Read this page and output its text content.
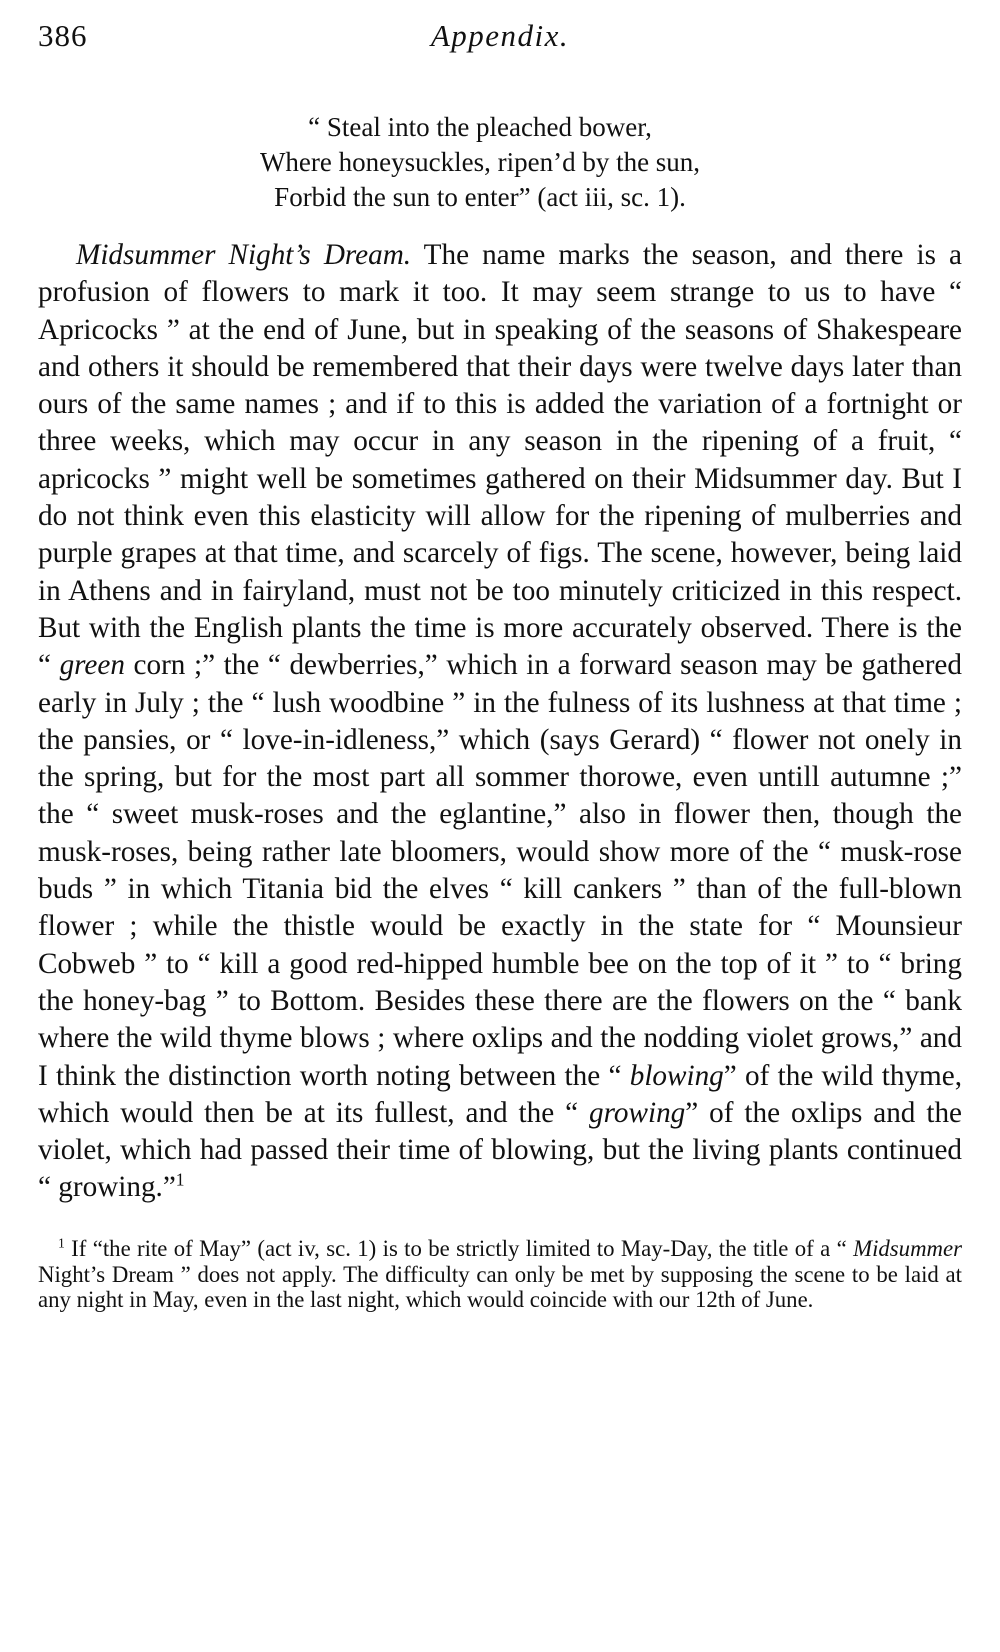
386	Appendix.
“ Steal into the pleached bower,
Where honeysuckles, ripen’d by the sun,
Forbid the sun to enter” (act iii, sc. 1).

Midsummer Night’s Dream. The name marks the season, and there is a profusion of flowers to mark it too. It may seem strange to us to have “ Apricocks ” at the end of June, but in speaking of the seasons of Shakespeare and others it should be remembered that their days were twelve days later than ours of the same names ; and if to this is added the variation of a fortnight or three weeks, which may occur in any season in the ripening of a fruit, “ apricocks ” might well be sometimes gathered on their Midsummer day. But I do not think even this elasticity will allow for the ripening of mulberries and purple grapes at that time, and scarcely of figs. The scene, however, being laid in Athens and in fairyland, must not be too minutely criticized in this respect. But with the English plants the time is more accurately observed. There is the “ green corn ;” the “ dewberries,” which in a forward season may be gathered early in July ; the “ lush woodbine ” in the fulness of its lushness at that time ; the pansies, or “ love-in-idleness,” which (says Gerard) “ flower not onely in the spring, but for the most part all sommer thorowe, even untill autumne ;” the “ sweet musk-roses and the eglantine,” also in flower then, though the musk-roses, being rather late bloomers, would show more of the “ musk-rose buds ” in which Titania bid the elves “ kill cankers ” than of the full-blown flower ; while the thistle would be exactly in the state for “ Mounsieur Cobweb ” to “ kill a good red-hipped humble bee on the top of it ” to “ bring the honey-bag ” to Bottom. Besides these there are the flowers on the “ bank where the wild thyme blows ; where oxlips and the nodding violet grows,” and I think the distinction worth noting between the “ blowing” of the wild thyme, which would then be at its fullest, and the “ growing” of the oxlips and the violet, which had passed their time of blowing, but the living plants continued “ growing.”$^1$

$^1$ If “the rite of May” (act iv, sc. 1) is to be strictly limited to May-Day, the title of a “ Midsummer Night’s Dream ” does not apply. The difficulty can only be met by supposing the scene to be laid at any night in May, even in the last night, which would coincide with our 12th of June.
